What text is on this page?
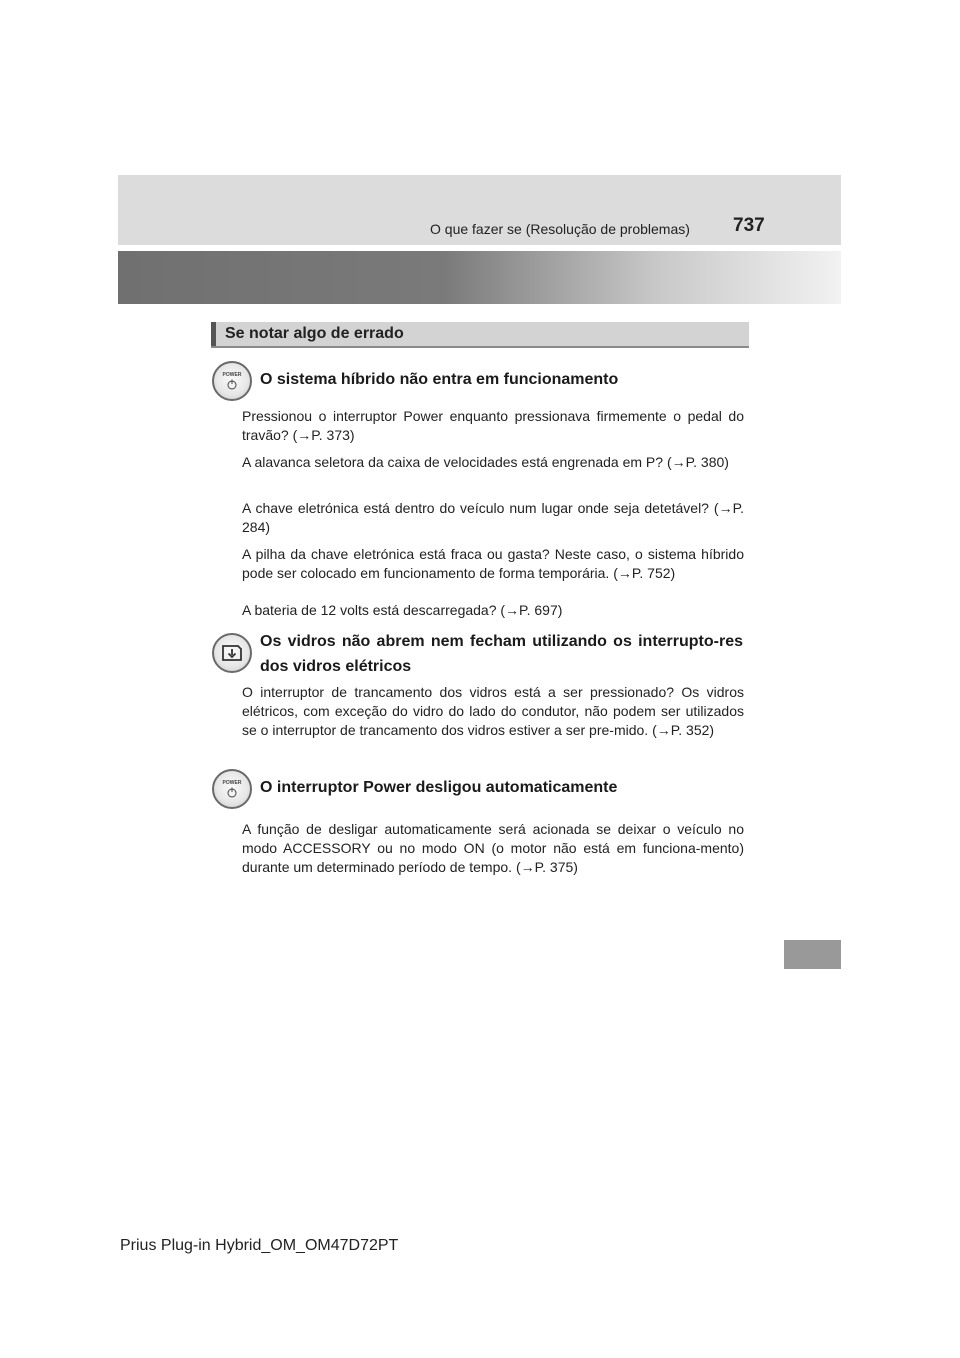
O que fazer se (Resolução de problemas) 737
Se notar algo de errado
POWER O sistema híbrido não entra em funcionamento
Pressionou o interruptor Power enquanto pressionava firmemente o pedal do travão? (→P. 373)
A alavanca seletora da caixa de velocidades está engrenada em P? (→P. 380)
A chave eletrónica está dentro do veículo num lugar onde seja detetável? (→P. 284)
A pilha da chave eletrónica está fraca ou gasta? Neste caso, o sistema híbrido pode ser colocado em funcionamento de forma temporária. (→P. 752)
A bateria de 12 volts está descarregada? (→P. 697)
Os vidros não abrem nem fecham utilizando os interrupto-res dos vidros elétricos
O interruptor de trancamento dos vidros está a ser pressionado? Os vidros elétricos, com exceção do vidro do lado do condutor, não podem ser utilizados se o interruptor de trancamento dos vidros estiver a ser pre-mido. (→P. 352)
POWER O interruptor Power desligou automaticamente
A função de desligar automaticamente será acionada se deixar o veículo no modo ACCESSORY ou no modo ON (o motor não está em funciona-mento) durante um determinado período de tempo. (→P. 375)
Prius Plug-in Hybrid_OM_OM47D72PT
